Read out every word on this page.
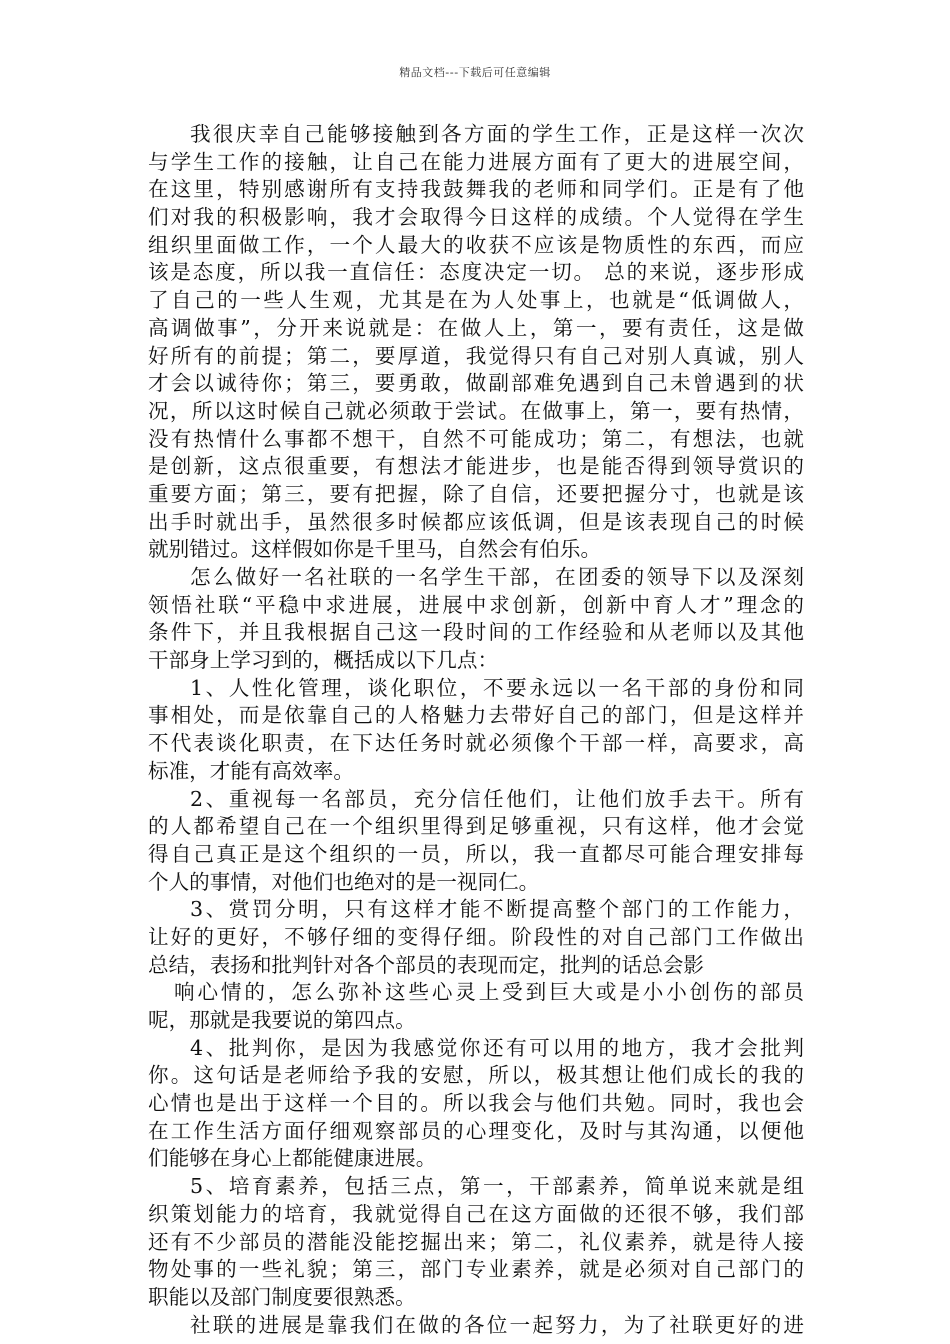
精品文档---下载后可任意编辑
我很庆幸自己能够接触到各方面的学生工作，正是这样一次次
与学生工作的接触，让自己在能力进展方面有了更大的进展空间，
在这里，特别感谢所有支持我鼓舞我的老师和同学们。正是有了他
们对我的积极影响，我才会取得今日这样的成绩。个人觉得在学生
组织里面做工作，一个人最大的收获不应该是物质性的东西，而应
该是态度，所以我一直信任：态度决定一切。 总的来说，逐步形成
了自己的一些人生观，尤其是在为人处事上，也就是“低调做人，
高调做事”，分开来说就是：在做人上，第一，要有责任，这是做
好所有的前提；第二，要厚道，我觉得只有自己对别人真诚，别人
才会以诚待你；第三，要勇敢，做副部难免遇到自己未曾遇到的状
况，所以这时候自己就必须敢于尝试。在做事上，第一，要有热情，
没有热情什么事都不想干，自然不可能成功；第二，有想法，也就
是创新，这点很重要，有想法才能进步，也是能否得到领导赏识的
重要方面；第三，要有把握，除了自信，还要把握分寸，也就是该
出手时就出手，虽然很多时候都应该低调，但是该表现自己的时候
就别错过。这样假如你是千里马，自然会有伯乐。
怎么做好一名社联的一名学生干部，在团委的领导下以及深刻
领悟社联“平稳中求进展，进展中求创新，创新中育人才”理念的
条件下，并且我根据自己这一段时间的工作经验和从老师以及其他
干部身上学习到的，概括成以下几点：
1、人性化管理，谈化职位，不要永远以一名干部的身份和同
事相处，而是依靠自己的人格魅力去带好自己的部门，但是这样并
不代表谈化职责，在下达任务时就必须像个干部一样，高要求，高
标准，才能有高效率。
2、重视每一名部员，充分信任他们，让他们放手去干。所有
的人都希望自己在一个组织里得到足够重视，只有这样，他才会觉
得自己真正是这个组织的一员，所以，我一直都尽可能合理安排每
个人的事情，对他们也绝对的是一视同仁。
3、赏罚分明，只有这样才能不断提高整个部门的工作能力，
让好的更好，不够仔细的变得仔细。阶段性的对自己部门工作做出
总结，表扬和批判针对各个部员的表现而定，批判的话总会影
响心情的，怎么弥补这些心灵上受到巨大或是小小创伤的部员
呢，那就是我要说的第四点。
4、批判你，是因为我感觉你还有可以用的地方，我才会批判
你。这句话是老师给予我的安慰，所以，极其想让他们成长的我的
心情也是出于这样一个目的。所以我会与他们共勉。同时，我也会
在工作生活方面仔细观察部员的心理变化，及时与其沟通，以便他
们能够在身心上都能健康进展。
5、培育素养，包括三点，第一，干部素养，简单说来就是组
织策划能力的培育，我就觉得自己在这方面做的还很不够，我们部
还有不少部员的潜能没能挖掘出来；第二，礼仪素养，就是待人接
物处事的一些礼貌；第三，部门专业素养，就是必须对自己部门的
职能以及部门制度要很熟悉。
社联的进展是靠我们在做的各位一起努力，为了社联更好的进
